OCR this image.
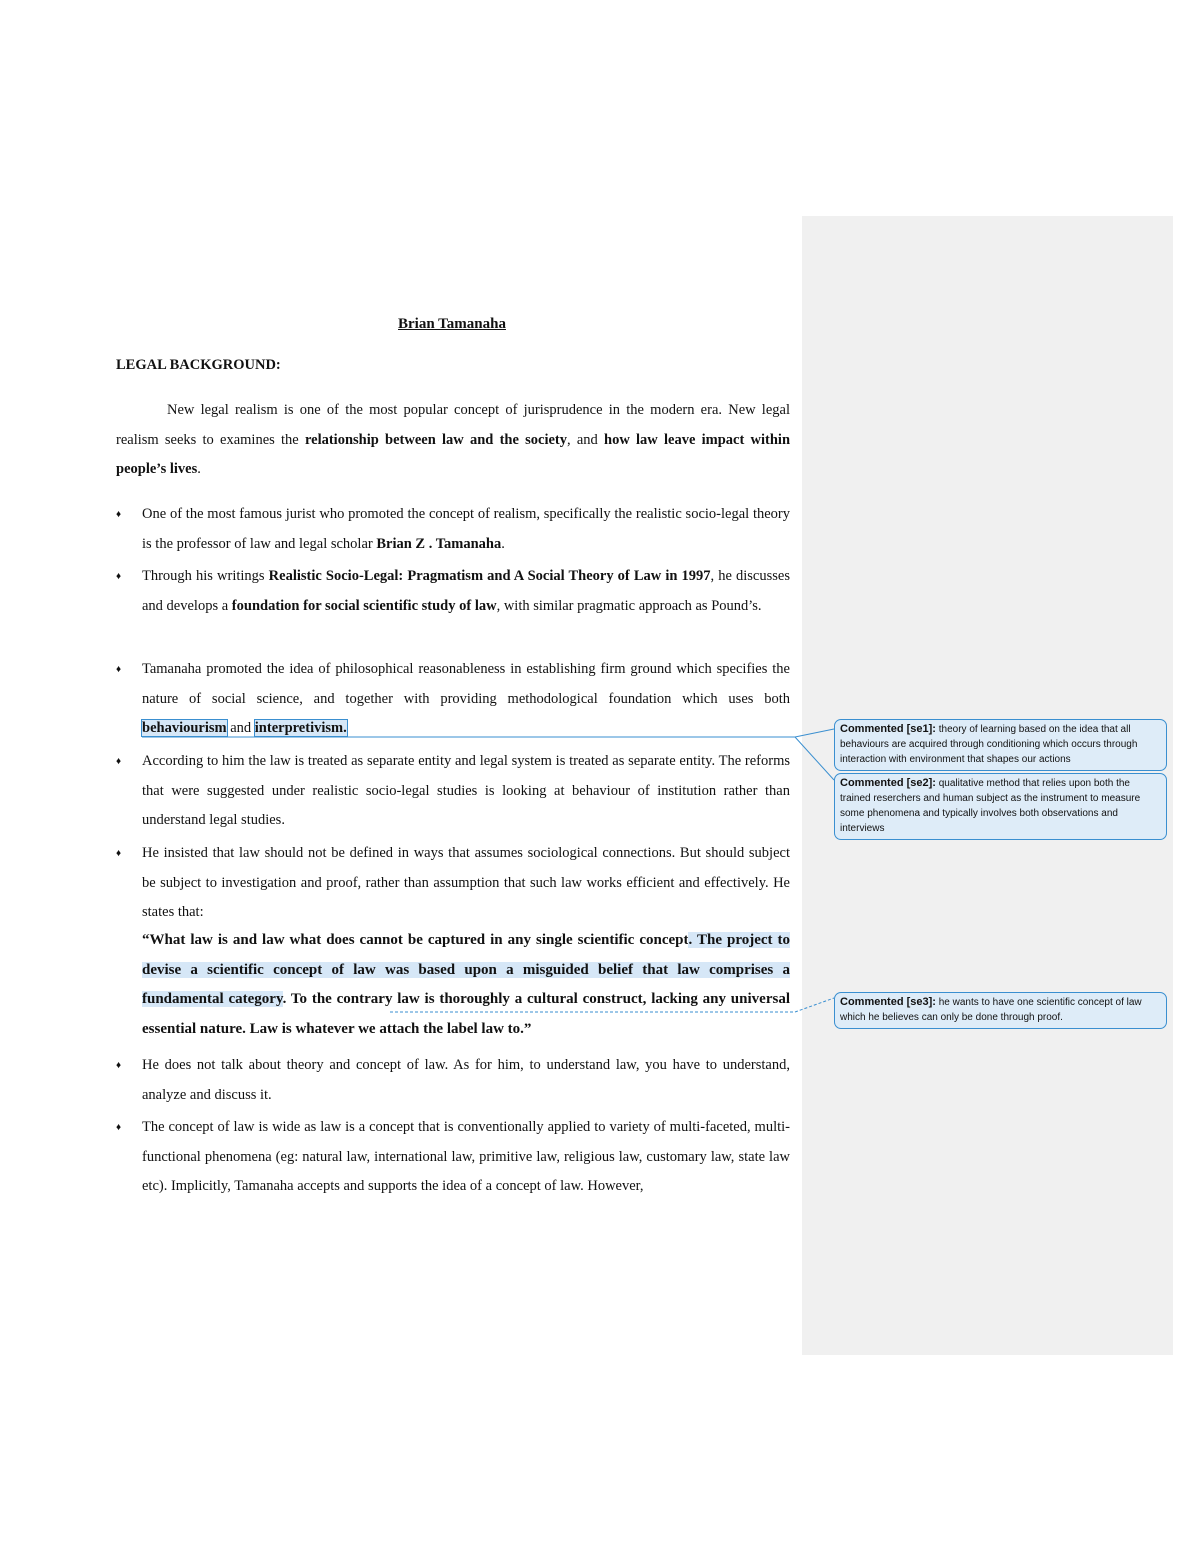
Brian Tamanaha
LEGAL BACKGROUND:
New legal realism is one of the most popular concept of jurisprudence in the modern era. New legal realism seeks to examines the relationship between law and the society, and how law leave impact within people’s lives.
♦	One of the most famous jurist who promoted the concept of realism, specifically the realistic socio-legal theory is the professor of law and legal scholar Brian Z . Tamanaha.
♦	Through his writings Realistic Socio-Legal: Pragmatism and A Social Theory of Law in 1997, he discusses and develops a foundation for social scientific study of law, with similar pragmatic approach as Pound’s.
♦	Tamanaha promoted the idea of philosophical reasonableness in establishing firm ground which specifies the nature of social science, and together with providing methodological foundation which uses both behaviourism and interpretivism.
♦	According to him the law is treated as separate entity and legal system is treated as separate entity. The reforms that were suggested under realistic socio-legal studies is looking at behaviour of institution rather than understand legal studies.
♦	He insisted that law should not be defined in ways that assumes sociological connections. But should subject be subject to investigation and proof, rather than assumption that such law works efficient and effectively. He states that:
“What law is and law what does cannot be captured in any single scientific concept. The project to devise a scientific concept of law was based upon a misguided belief that law comprises a fundamental category. To the contrary law is thoroughly a cultural construct, lacking any universal essential nature. Law is whatever we attach the label law to.”
♦	He does not talk about theory and concept of law. As for him, to understand law, you have to understand, analyze and discuss it.
♦	The concept of law is wide as law is a concept that is conventionally applied to variety of multi-faceted, multi-functional phenomena (eg: natural law, international law, primitive law, religious law, customary law, state law etc). Implicitly, Tamanaha accepts and supports the idea of a concept of law. However,
Commented [se1]: theory of learning based on the idea that all behaviours are acquired through conditioning which occurs through interaction with environment that shapes our actions
Commented [se2]: qualitative method that relies upon both the trained reserchers and human subject as the instrument to measure some phenomena and typically involves both observations and interviews
Commented [se3]: he wants to have one scientific concept of law which he believes can only be done through proof.
